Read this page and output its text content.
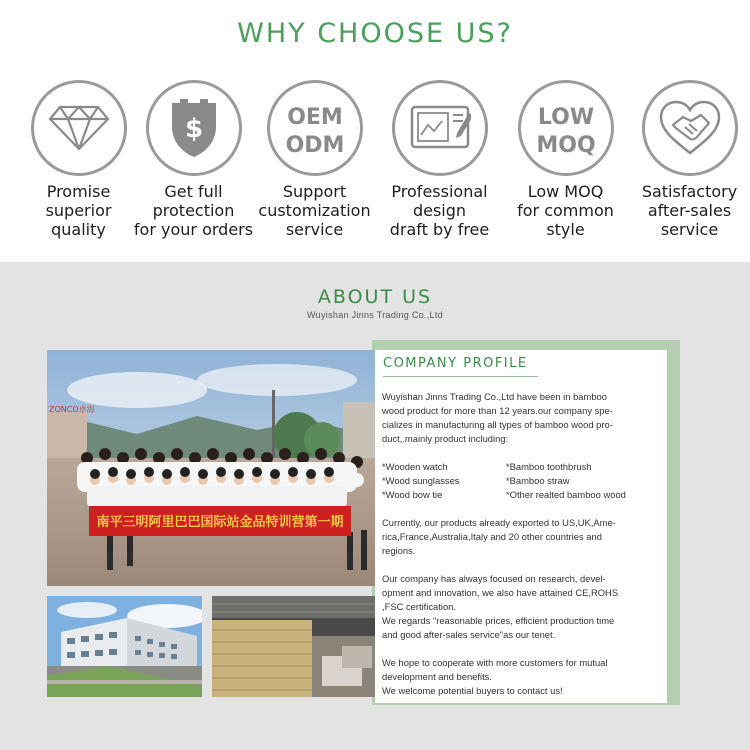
WHY CHOOSE US?
Promise
superior
quality
$
Get full
protection
for your orders
OEM
ODM
Support
customization
service
Professional
design
draft by free
LOW
MOQ
Low MOQ
for common
style
Satisfactory
after-sales
service
ABOUT US
Wuyishan Jinns Trading Co.,Ltd
ZONCO卓海
南平三明阿里巴巴国际站金品特训营第一期
COMPANY PROFILE
Wuyishan Jinns Trading Co.,Ltd have been in bamboo
wood product for more than 12 years.our company spe-
cializes in manufacturing all types of bamboo wood pro-
duct,.mainly product including:
*Wooden watch
*Wood sunglasses
*Wood bow tie
*Bamboo toothbrush
*Bamboo straw
*Other realted bamboo wood
Currently, our products already exported to US,UK,Ame-
rica,France,Australia,Italy and 20 other countries and
regions.
Our company has always focused on research, devel-
opment and innovation, we also have attained CE,ROHS
,FSC certification.
We regards "reasonable prices, efficient production time
and good after-sales service"as our tenet.
We hope to cooperate with more customers for mutual
development and benefits.
We welcome potential buyers to contact us!
